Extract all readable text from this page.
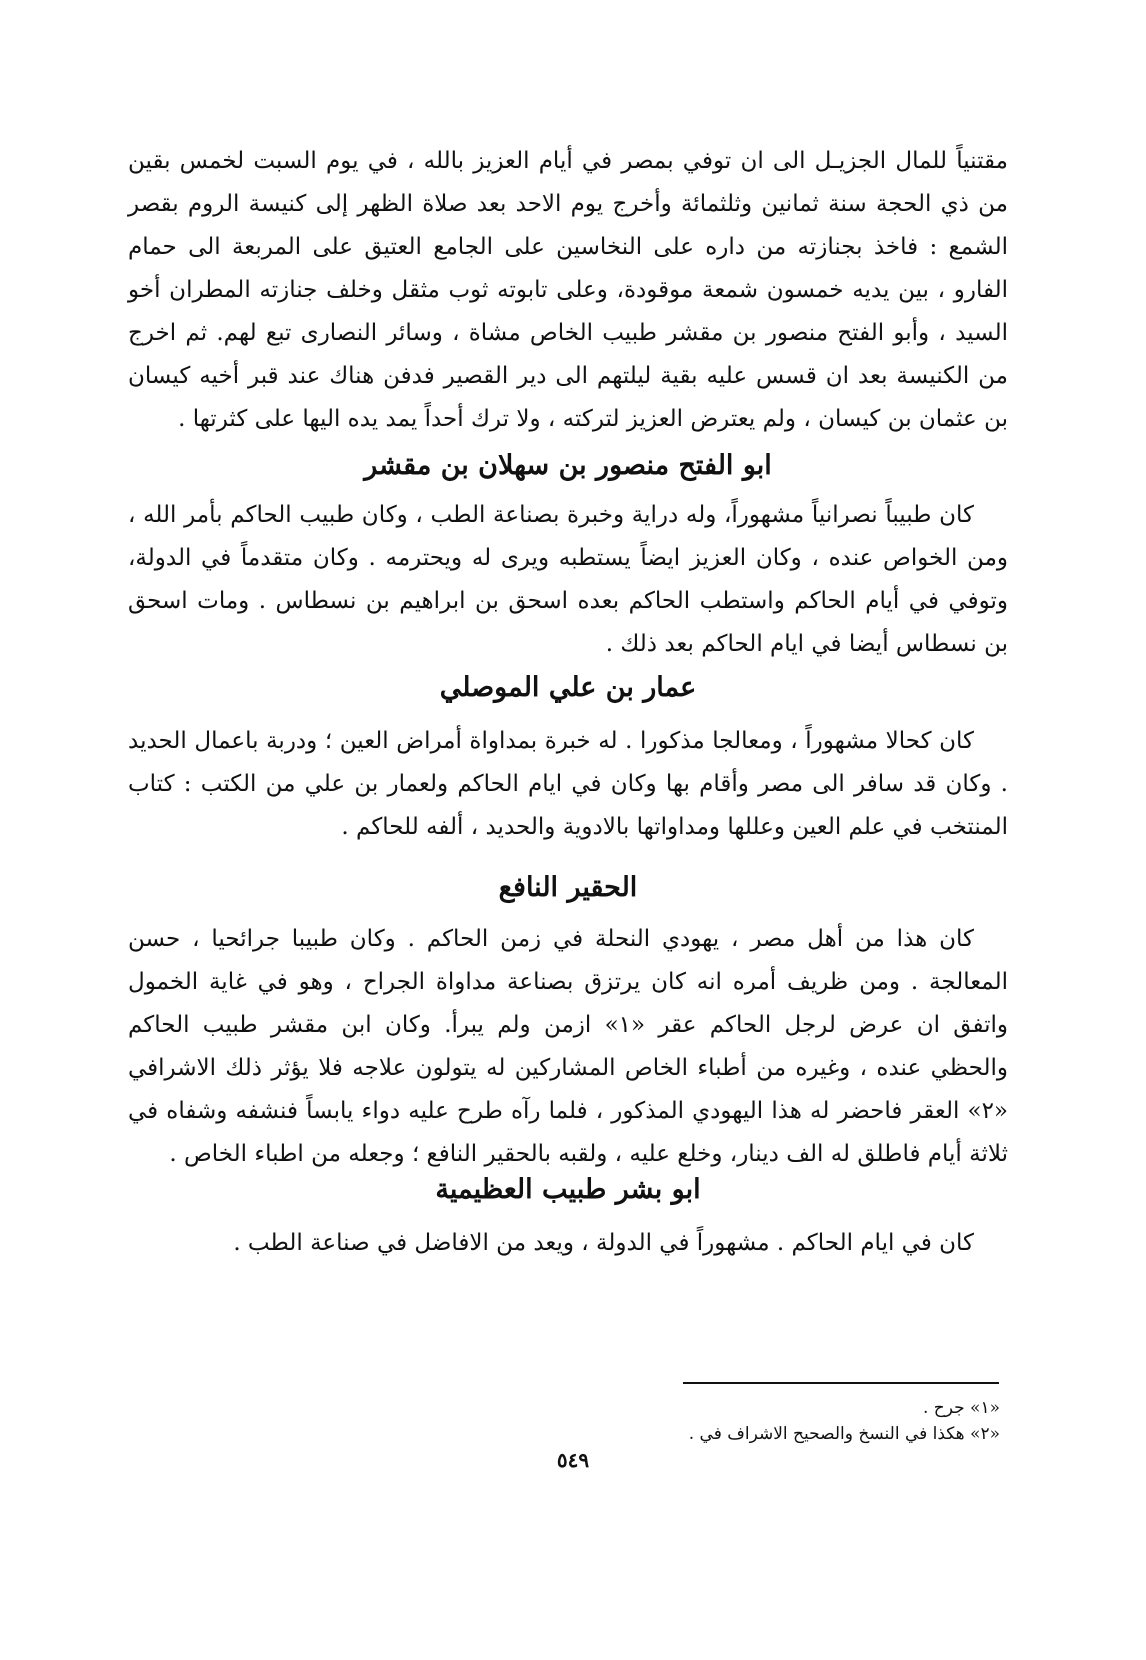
مقتنياً للمال الجزيـل الى ان توفي بمصر في أيام العزيز بالله ، في يوم السبت لخمس بقين من ذي الحجة سنة ثمانين وثلثمائة وأخرج يوم الاحد بعد صلاة الظهر إلى كنيسة الروم بقصر الشمع : فاخذ بجنازته من داره على النخاسين على الجامع العتيق على المربعة الى حمام الفارو ، بين يديه خمسون شمعة موقودة، وعلى تابوته ثوب مثقل وخلف جنازته المطران أخو السيد ، وأبو الفتح منصور بن مقشر طبيب الخاص مشاة ، وسائر النصارى تبع لهم. ثم اخرج من الكنيسة بعد ان قسس عليه بقية ليلتهم الى دير القصير فدفن هناك عند قبر أخيه كيسان بن عثمان بن كيسان ، ولم يعترض العزيز لتركته ، ولا ترك أحداً يمد يده اليها على كثرتها .

ابو الفتح منصور بن سهلان بن مقشر

كان طبيباً نصرانياً مشهوراً، وله دراية وخبرة بصناعة الطب ، وكان طبيب الحاكم بأمر الله ، ومن الخواص عنده ، وكان العزيز ايضاً يستطبه ويرى له ويحترمه . وكان متقدماً في الدولة، وتوفي في أيام الحاكم واستطب الحاكم بعده اسحق بن ابراهيم بن نسطاس . ومات اسحق بن نسطاس أيضا في ايام الحاكم بعد ذلك .

عمار بن علي الموصلي

كان كحالا مشهوراً ، ومعالجا مذكورا . له خبرة بمداواة أمراض العين ؛ ودربة باعمال الحديد . وكان قد سافر الى مصر وأقام بها وكان في ايام الحاكم ولعمار بن علي من الكتب : كتاب المنتخب في علم العين وعللها ومداواتها بالادوية والحديد ، ألفه للحاكم .

الحقير النافع

كان هذا من أهل مصر ، يهودي النحلة في زمن الحاكم . وكان طبيبا جرائحيا ، حسن المعالجة . ومن ظريف أمره انه كان يرتزق بصناعة مداواة الجراح ، وهو في غاية الخمول واتفق ان عرض لرجل الحاكم عقر «١» ازمن ولم يبرأ. وكان ابن مقشر طبيب الحاكم والحظي عنده ، وغيره من أطباء الخاص المشاركين له يتولون علاجه فلا يؤثر ذلك الاشرافي «٢» العقر فاحضر له هذا اليهودي المذكور ، فلما رآه طرح عليه دواء يابساً فنشفه وشفاه في ثلاثة أيام فاطلق له الف دينار، وخلع عليه ، ولقبه بالحقير النافع ؛ وجعله من اطباء الخاص .

ابو بشر طبيب العظيمية

كان في ايام الحاكم . مشهوراً في الدولة ، ويعد من الافاضل في صناعة الطب .

«١» جرح .

«٢» هكذا في النسخ والصحيح الاشراف في .

٥٤٩
